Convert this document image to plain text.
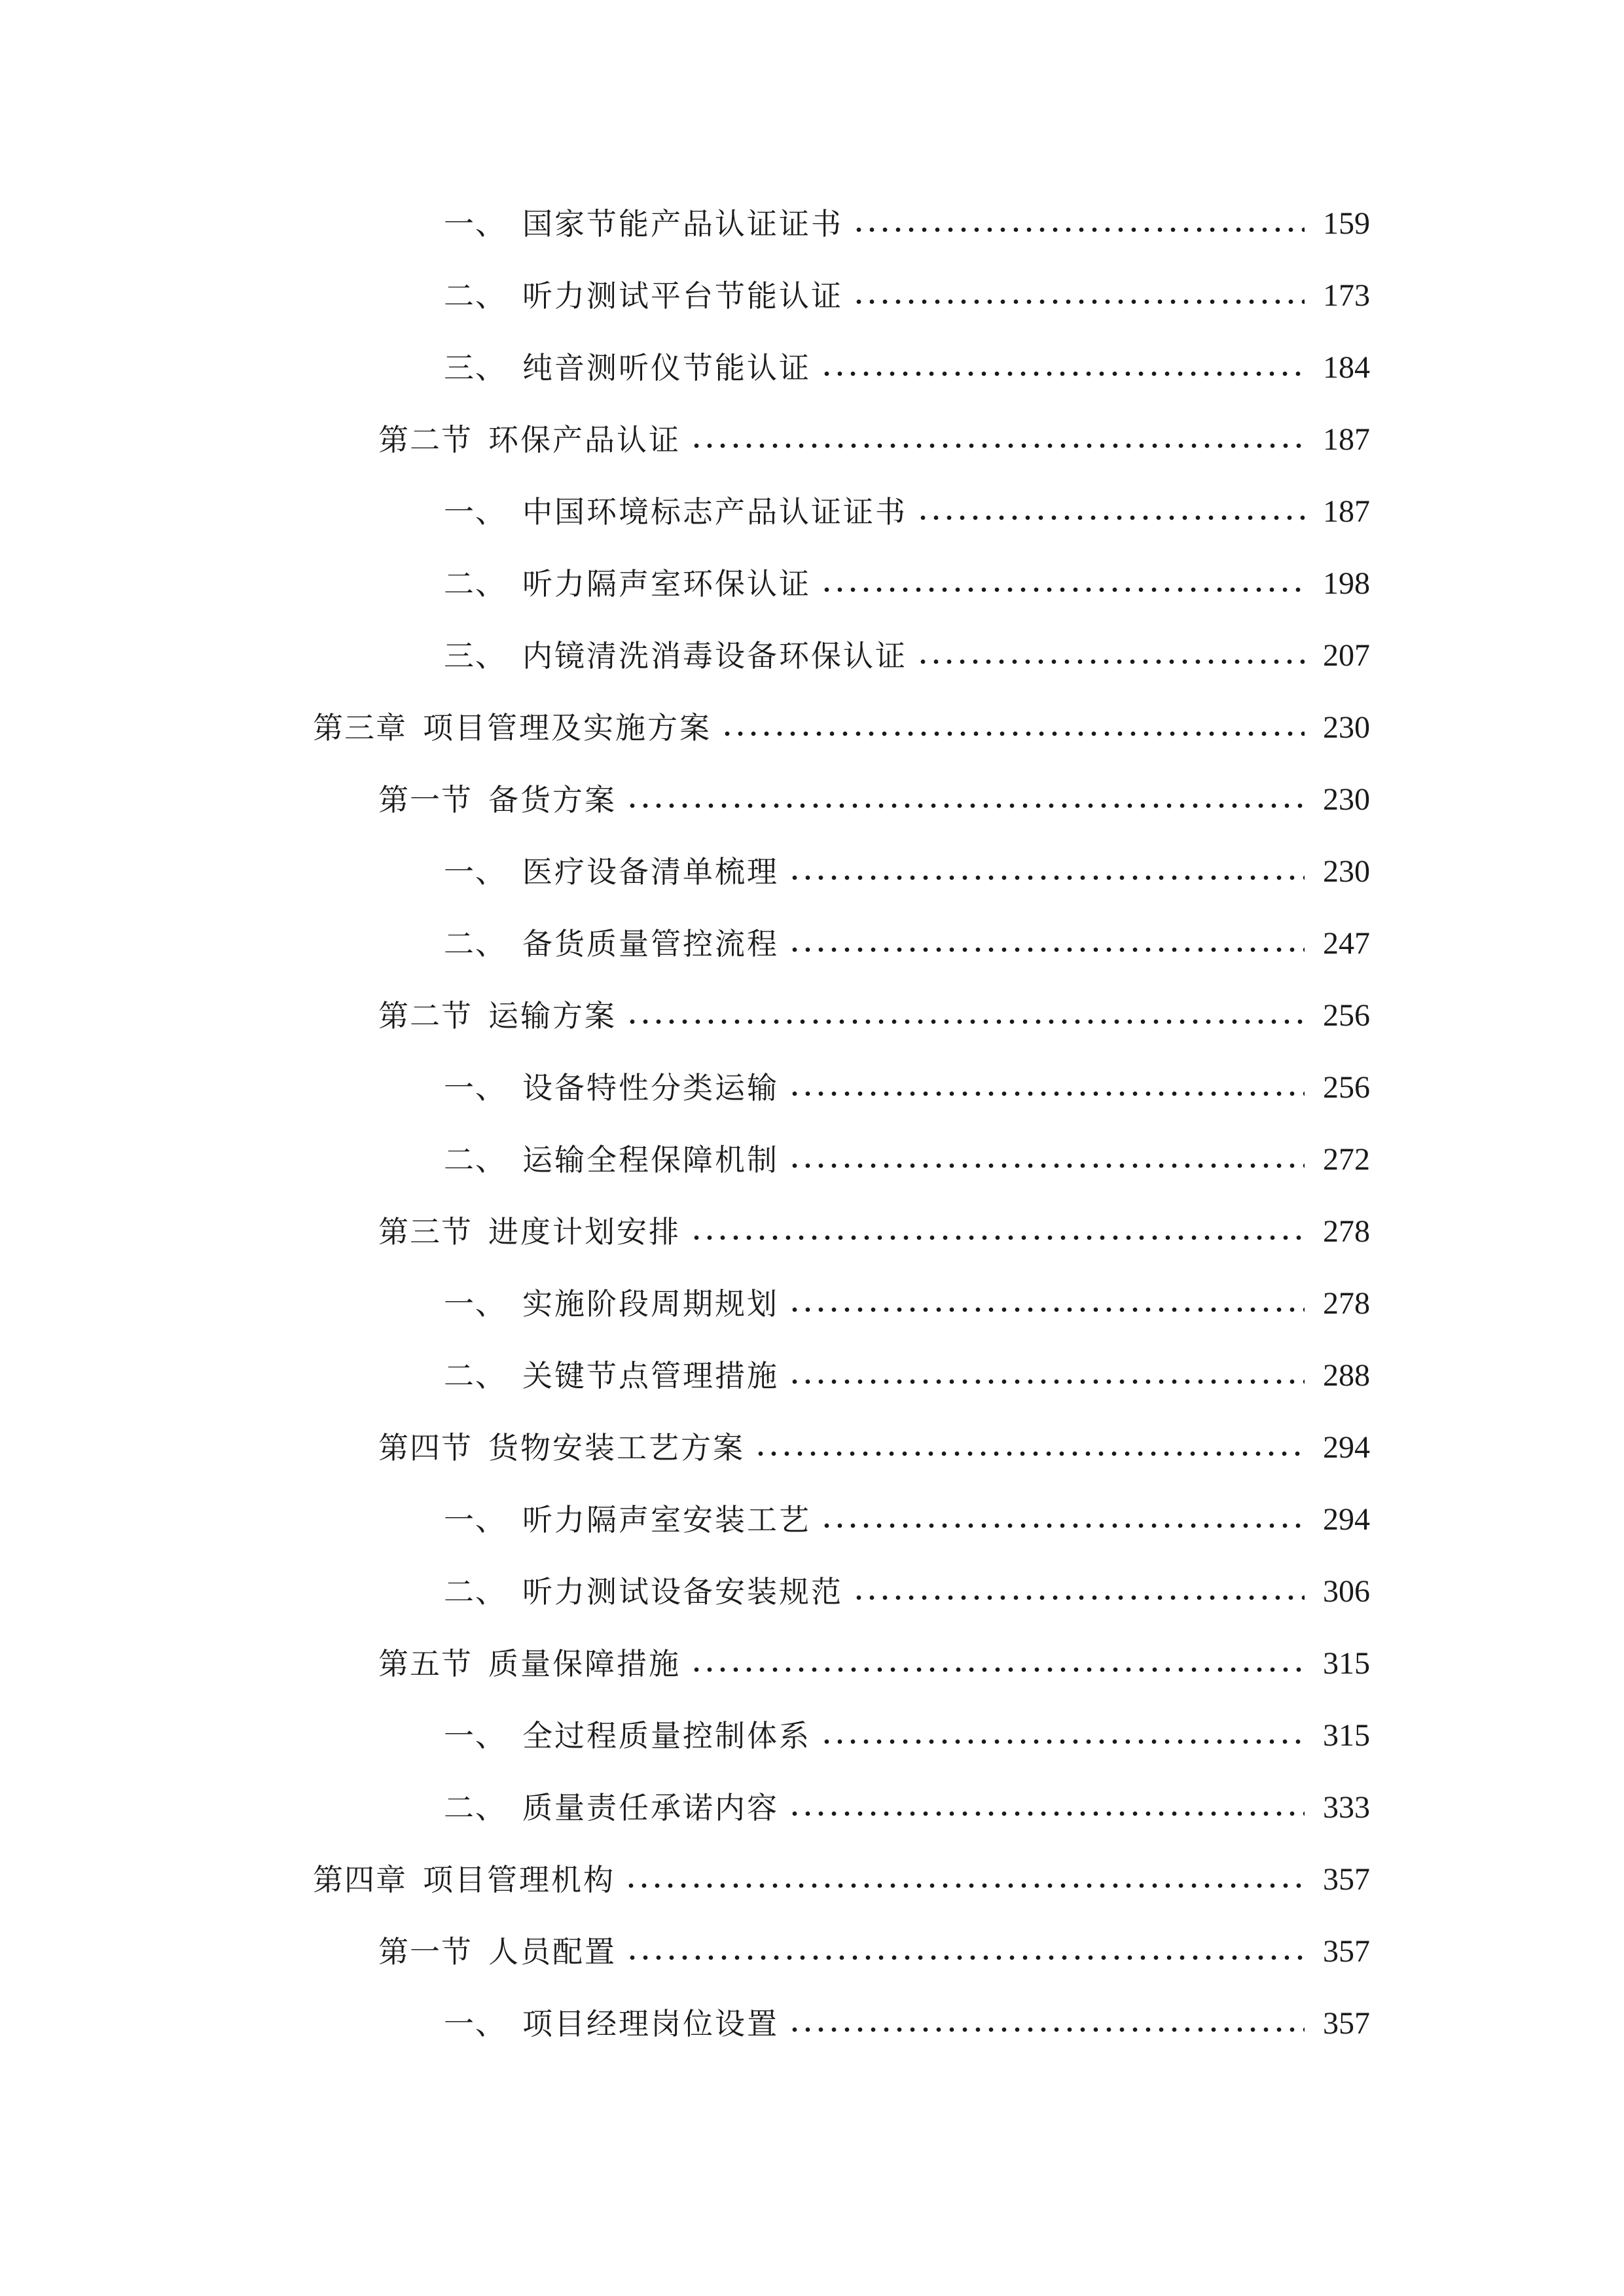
一、 国家节能产品认证证书	159
二、 听力测试平台节能认证	173
三、 纯音测听仪节能认证	184
第二节 环保产品认证	187
一、 中国环境标志产品认证证书	187
二、 听力隔声室环保认证	198
三、 内镜清洗消毒设备环保认证	207
第三章 项目管理及实施方案	230
第一节 备货方案	230
一、 医疗设备清单梳理	230
二、 备货质量管控流程	247
第二节 运输方案	256
一、 设备特性分类运输	256
二、 运输全程保障机制	272
第三节 进度计划安排	278
一、 实施阶段周期规划	278
二、 关键节点管理措施	288
第四节 货物安装工艺方案	294
一、 听力隔声室安装工艺	294
二、 听力测试设备安装规范	306
第五节 质量保障措施	315
一、 全过程质量控制体系	315
二、 质量责任承诺内容	333
第四章 项目管理机构	357
第一节 人员配置	357
一、 项目经理岗位设置	357
